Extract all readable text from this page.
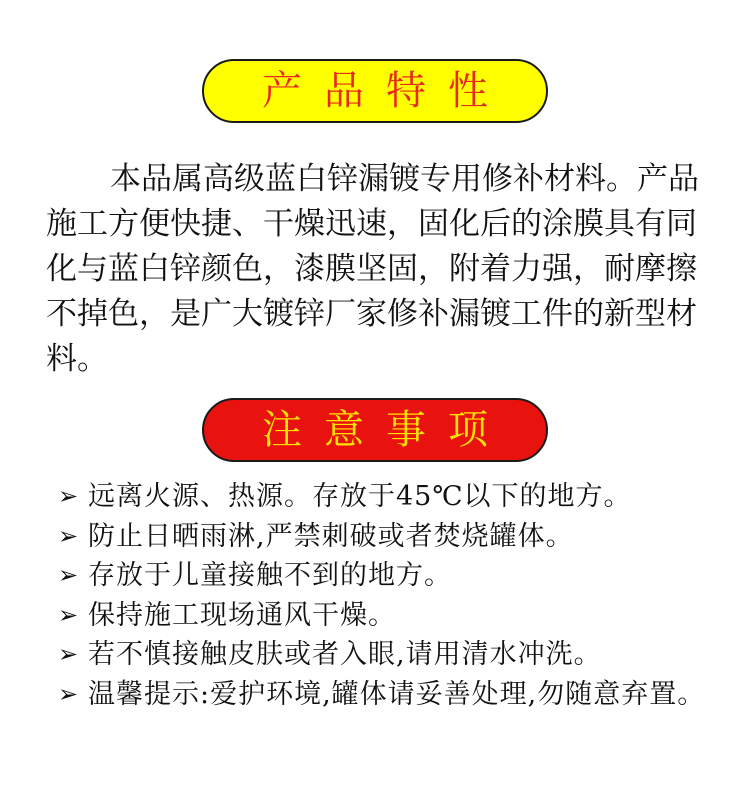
产品特性

本品属高级蓝白锌漏镀专用修补材料。产品施工方便快捷、干燥迅速，固化后的涂膜具有同化与蓝白锌颜色，漆膜坚固，附着力强，耐摩擦不掉色，是广大镀锌厂家修补漏镀工件的新型材料。

注意事项
➢ 远离火源、热源。存放于45℃以下的地方。
➢ 防止日晒雨淋,严禁刺破或者焚烧罐体。
➢ 存放于儿童接触不到的地方。
➢ 保持施工现场通风干燥。
➢ 若不慎接触皮肤或者入眼,请用清水冲洗。
➢ 温馨提示:爱护环境,罐体请妥善处理,勿随意弃置。
